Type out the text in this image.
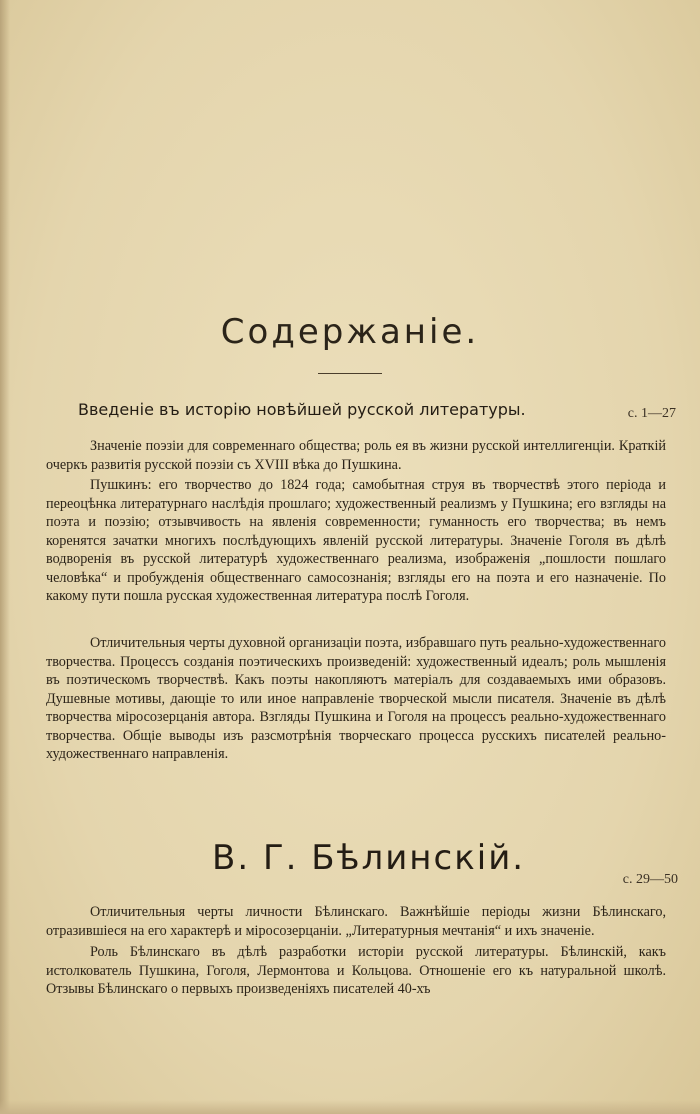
Содержаніе.
Введеніе въ исторію новѣйшей русской литературы.	с. 1—27

Значеніе поэзіи для современнаго общества; роль ея въ жизни русской интеллигенціи. Краткій очеркъ развитія русской поэзіи съ XVIII вѣка до Пушкина.

Пушкинъ: его творчество до 1824 года; самобытная струя въ творчествѣ этого періода и переоцѣнка литературнаго наслѣдія прошлаго; художественный реализмъ у Пушкина; его взгляды на поэта и поэзію; отзывчивость на явленія современности; гуманность его творчества; въ немъ коренятся зачатки многихъ послѣдующихъ явленій русской литературы. Значеніе Гоголя въ дѣлѣ водворенія въ русской литературѣ художественнаго реализма, изображенія „пошлости пошлаго человѣка“ и пробужденія общественнаго самосознанія; взгляды его на поэта и его назначеніе. По какому пути пошла русская художественная литература послѣ Гоголя.

Отличительныя черты духовной организаціи поэта, избравшаго путь реально-художественнаго творчества. Процессъ созданія поэтическихъ произведеній: художественный идеалъ; роль мышленія въ поэтическомъ творчествѣ. Какъ поэты накопляютъ матеріалъ для создаваемыхъ ими образовъ. Душевные мотивы, дающіе то или иное направленіе творческой мысли писателя. Значеніе въ дѣлѣ творчества міросозерцанія автора. Взгляды Пушкина и Гоголя на процессъ реально-художественнаго творчества. Общіе выводы изъ разсмотрѣнія творческаго процесса русскихъ писателей реально-художественнаго направленія.

В. Г. Бѣлинскій.
с. 29—50

Отличительныя черты личности Бѣлинскаго. Важнѣйшіе періоды жизни Бѣлинскаго, отразившіеся на его характерѣ и міросозерцаніи. „Литературныя мечтанія“ и ихъ значеніе.

Роль Бѣлинскаго въ дѣлѣ разработки исторіи русской литературы. Бѣлинскій, какъ истолкователь Пушкина, Гоголя, Лермонтова и Кольцова. Отношеніе его къ натуральной школѣ. Отзывы Бѣлинскаго о первыхъ произведеніяхъ писателей 40-хъ
